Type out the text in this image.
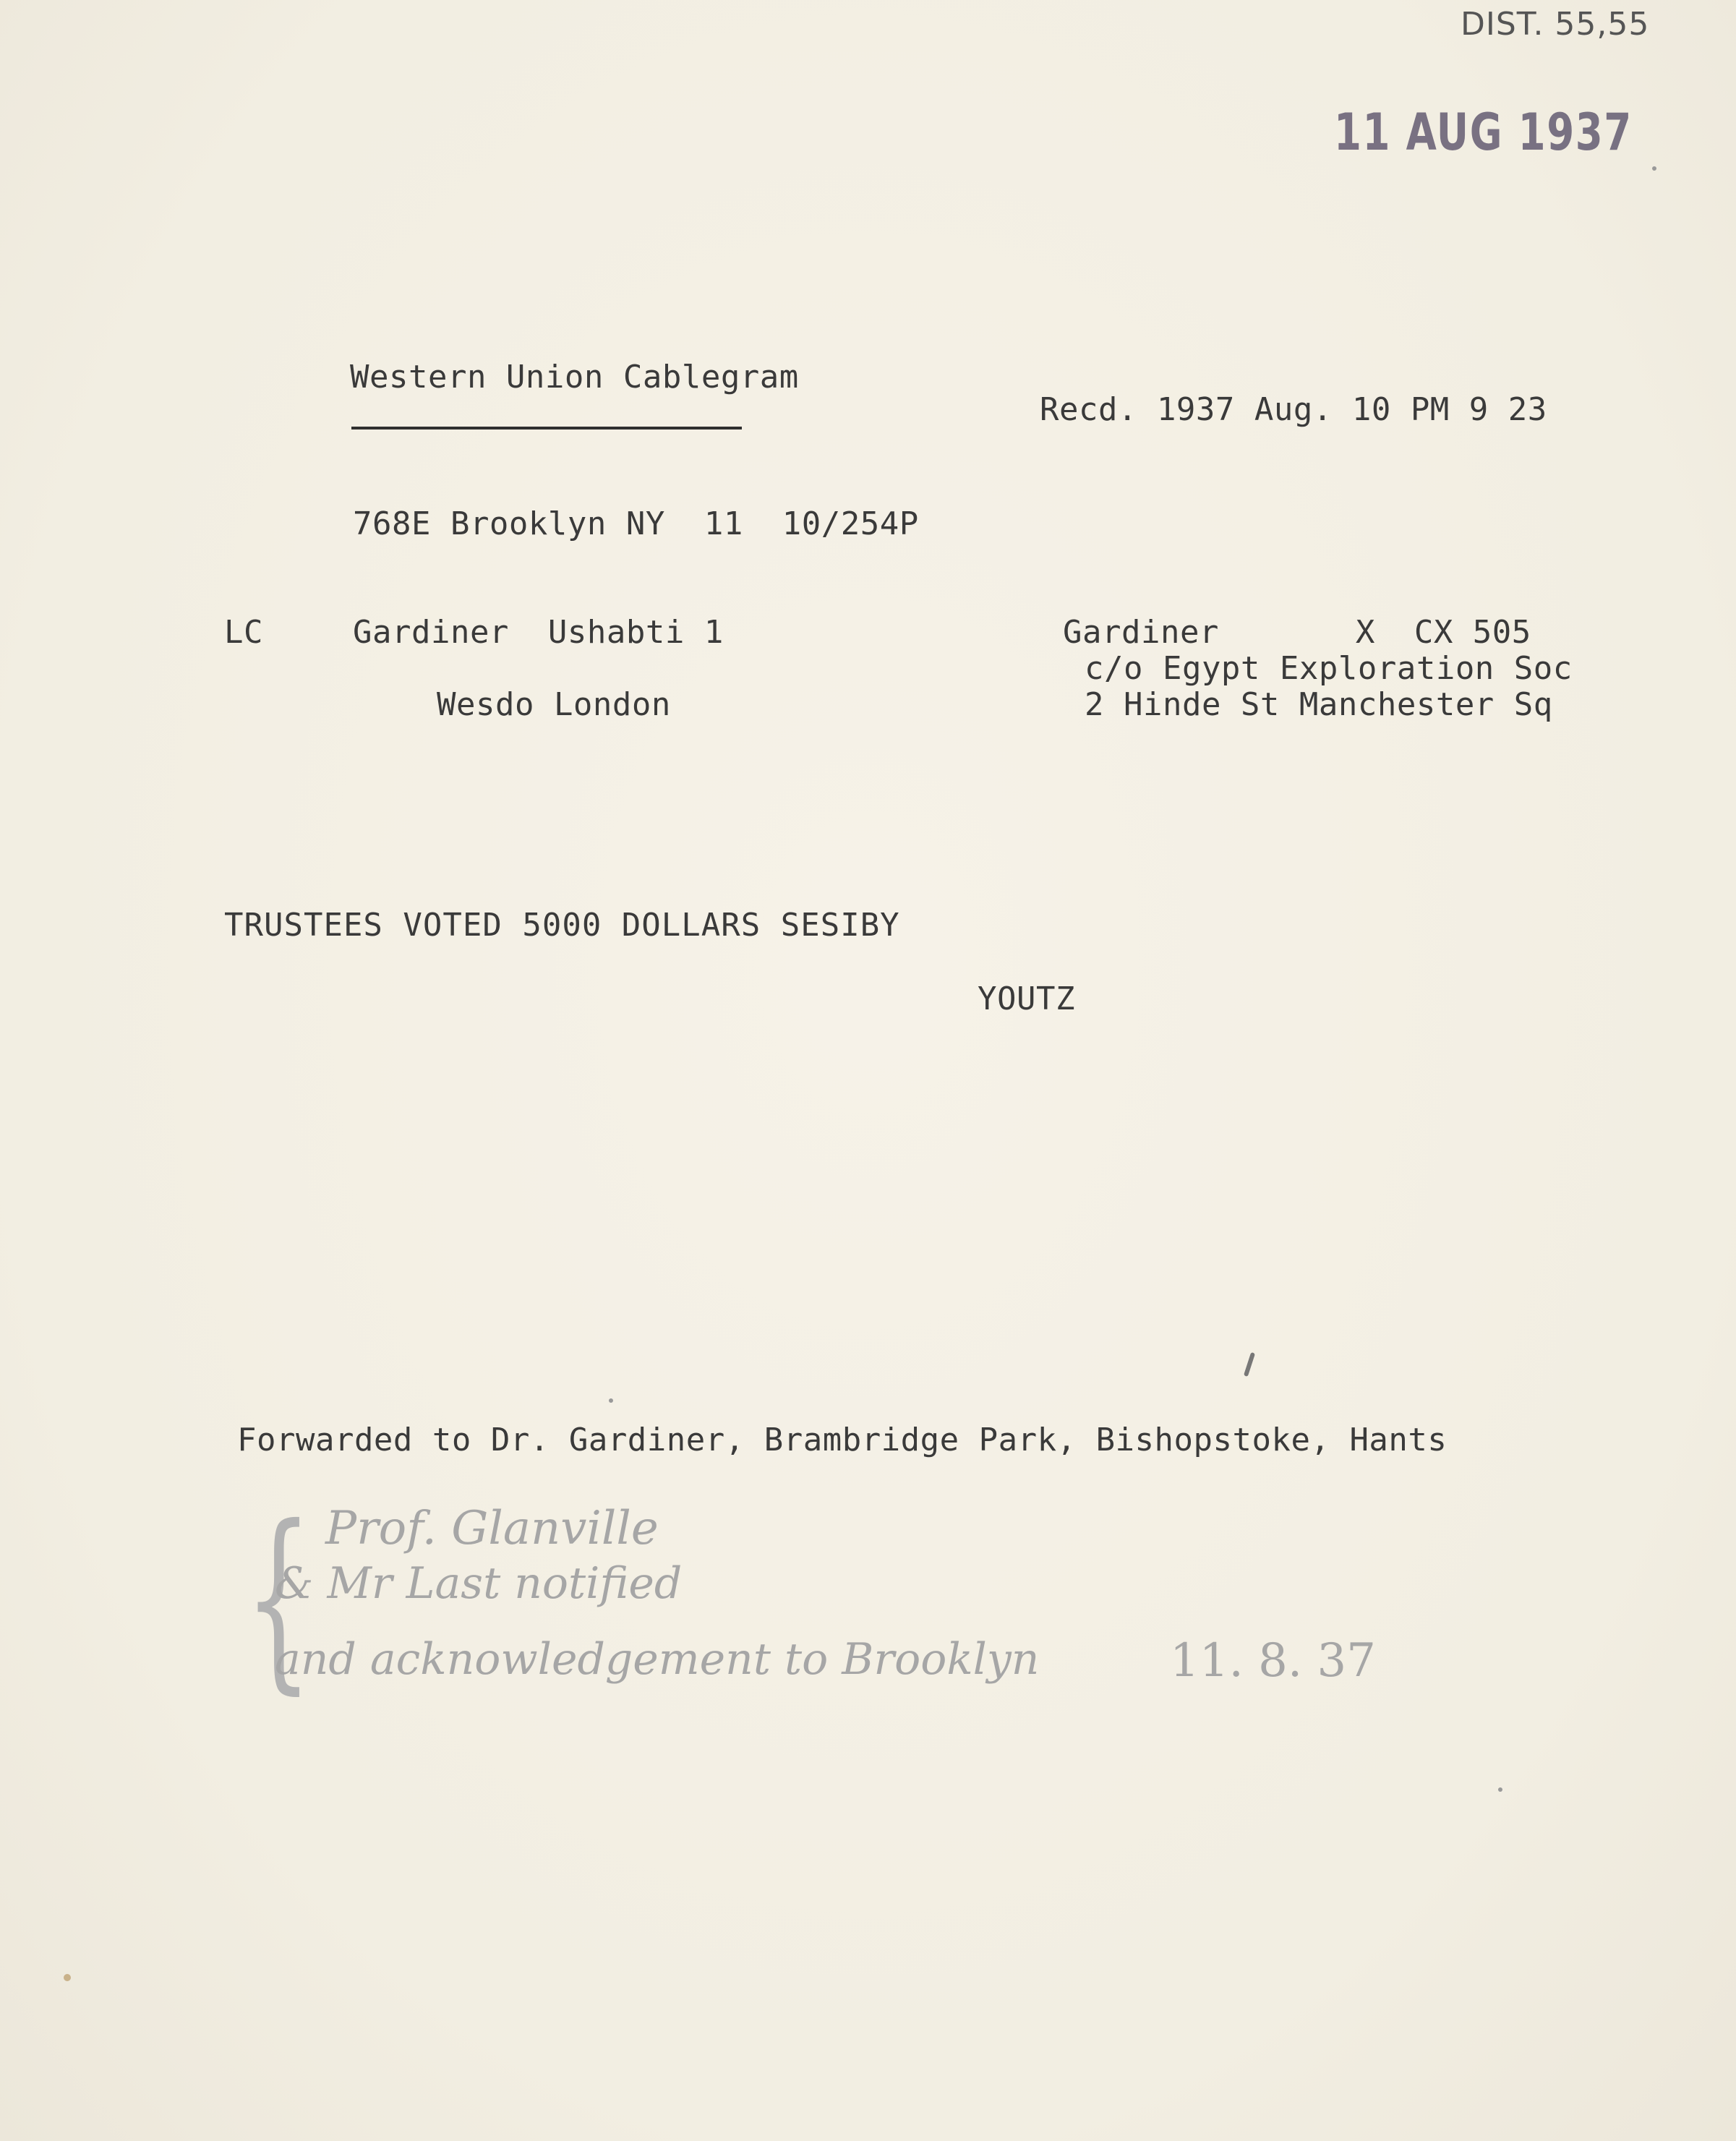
DIST. 55,55
11 AUG 1937
Western Union Cablegram
Recd. 1937 Aug. 10 PM 9 23
768E Brooklyn NY  11  10/254P
LC	Gardiner  Ushabti 1
Wesdo London
Gardiner       X  CX 505
c/o Egypt Exploration Soc
2 Hinde St Manchester Sq
TRUSTEES VOTED 5000 DOLLARS SESIBY
YOUTZ
Forwarded to Dr. Gardiner, Brambridge Park, Bishopstoke, Hants
{ Prof. Glanville
& Mr Last notified
and acknowledgement to Brooklyn	11. 8. 37
